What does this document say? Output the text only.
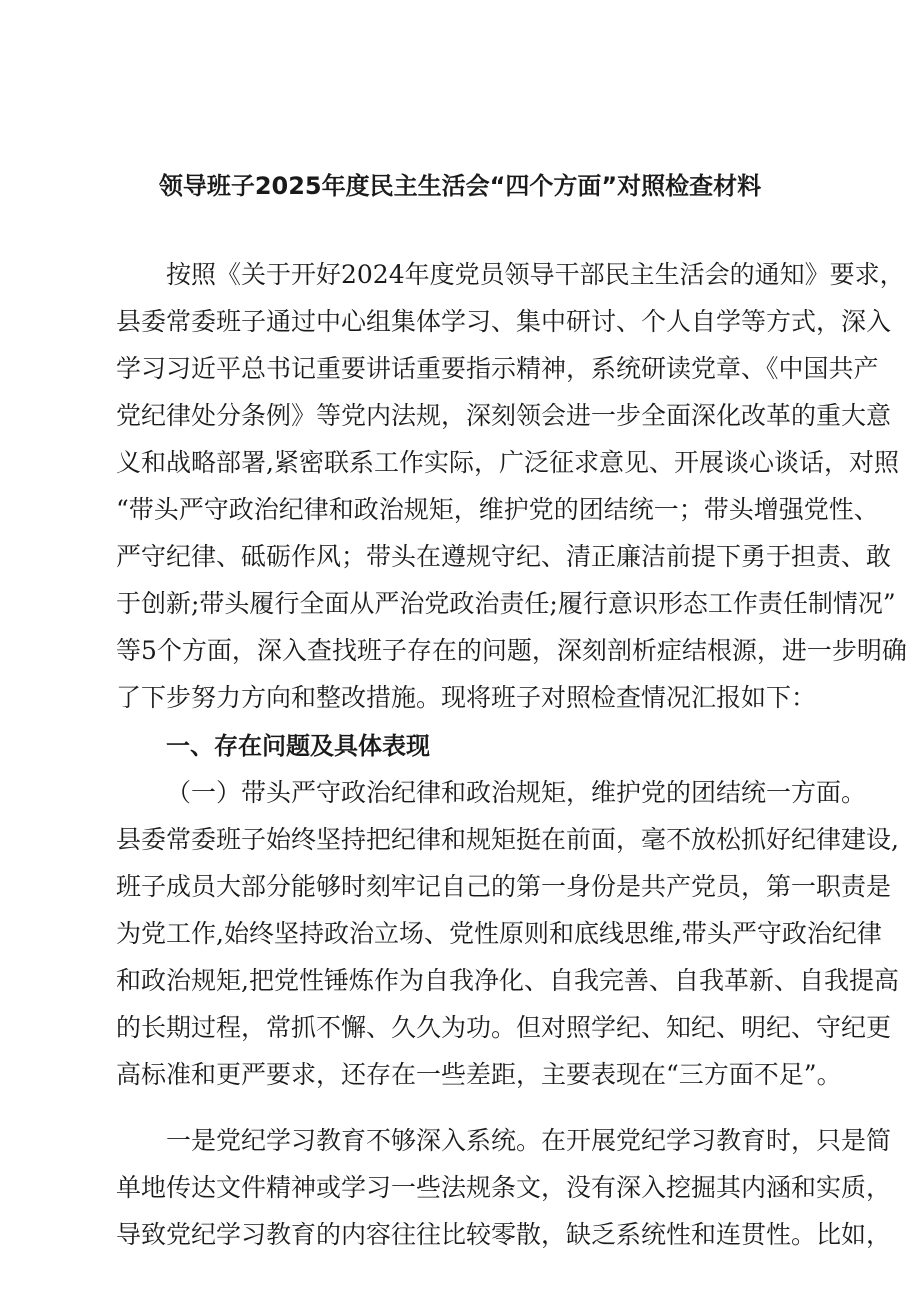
领导班子2025年度民主生活会“四个方面”对照检查材料
按照《关于开好2024年度党员领导干部民主生活会的通知》要求，
县委常委班子通过中心组集体学习、集中研讨、个人自学等方式，深入
学习习近平总书记重要讲话重要指示精神，系统研读党章、《中国共产
党纪律处分条例》等党内法规，深刻领会进一步全面深化改革的重大意
义和战略部署,紧密联系工作实际，广泛征求意见、开展谈心谈话，对照
“带头严守政治纪律和政治规矩，维护党的团结统一；带头增强党性、
严守纪律、砥砺作风；带头在遵规守纪、清正廉洁前提下勇于担责、敢
于创新;带头履行全面从严治党政治责任;履行意识形态工作责任制情况”
等5个方面，深入查找班子存在的问题，深刻剖析症结根源，进一步明确
了下步努力方向和整改措施。现将班子对照检查情况汇报如下：
一、存在问题及具体表现
（一）带头严守政治纪律和政治规矩，维护党的团结统一方面。
县委常委班子始终坚持把纪律和规矩挺在前面，毫不放松抓好纪律建设,
班子成员大部分能够时刻牢记自己的第一身份是共产党员，第一职责是
为党工作,始终坚持政治立场、党性原则和底线思维,带头严守政治纪律
和政治规矩,把党性锤炼作为自我净化、自我完善、自我革新、自我提高
的长期过程，常抓不懈、久久为功。但对照学纪、知纪、明纪、守纪更
高标准和更严要求，还存在一些差距，主要表现在“三方面不足”。
一是党纪学习教育不够深入系统。在开展党纪学习教育时，只是简
单地传达文件精神或学习一些法规条文，没有深入挖掘其内涵和实质，
导致党纪学习教育的内容往往比较零散，缺乏系统性和连贯性。比如，
